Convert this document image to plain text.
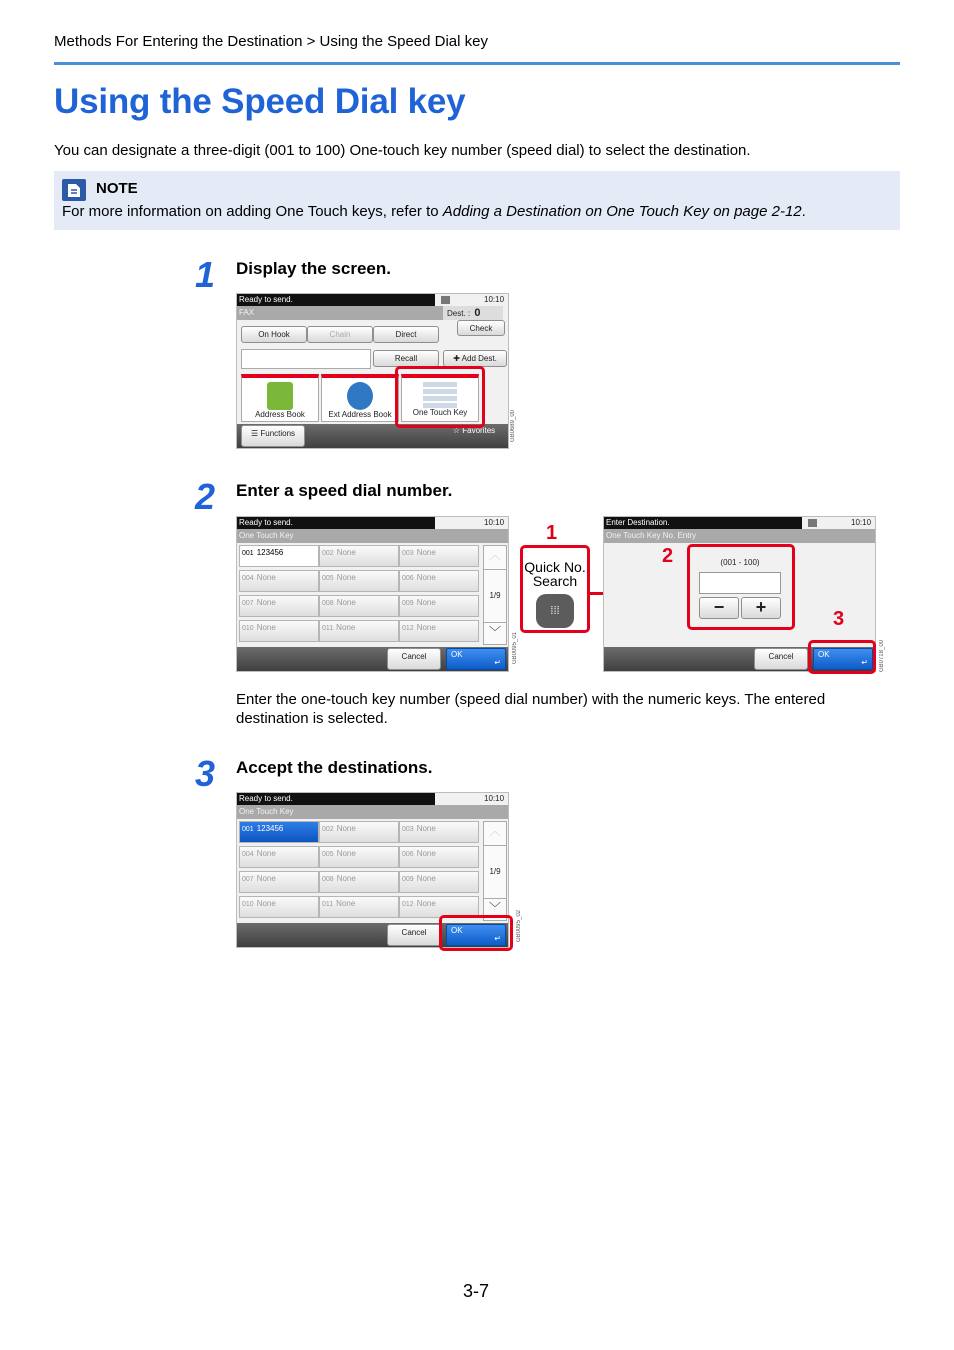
Methods For Entering the Destination > Using the Speed Dial key
Using the Speed Dial key
You can designate a three-digit (001 to 100) One-touch key number (speed dial) to select the destination.
NOTE
For more information on adding One Touch keys, refer to Adding a Destination on One Touch Key on page 2-12.
1 Display the screen.
Ready to send.	10:10
FAX	Dest. : 0
Check
On Hook	Chain	Direct
Recall	✚ Add Dest.
Address Book	Ext Address Book	One Touch Key
☰ Functions	☆ Favorites	GB0689_00
2 Enter a speed dial number.
Ready to send.	10:10
One Touch Key
001 123456	002 None	003 None
004 None	005 None	006 None
007 None	008 None	009 None
010 None	011 None	012 None
︿
1/9
﹀
Cancel	OK
↵ GB0095_01
1
Quick No.
Search
⁞⁞⁞
Enter Destination.	10:10
One Touch Key No. Entry
(001 - 100)
−	+
Cancel	OK
↵ GB0718_00
2
3
Enter the one-touch key number (speed dial number) with the numeric keys. The entered destination is selected.
3 Accept the destinations.
Ready to send.	10:10
One Touch Key
001 123456	002 None	003 None
004 None	005 None	006 None
007 None	008 None	009 None
010 None	011 None	012 None
︿
1/9
﹀
Cancel	OK
↵	GB0095_02
3-7
